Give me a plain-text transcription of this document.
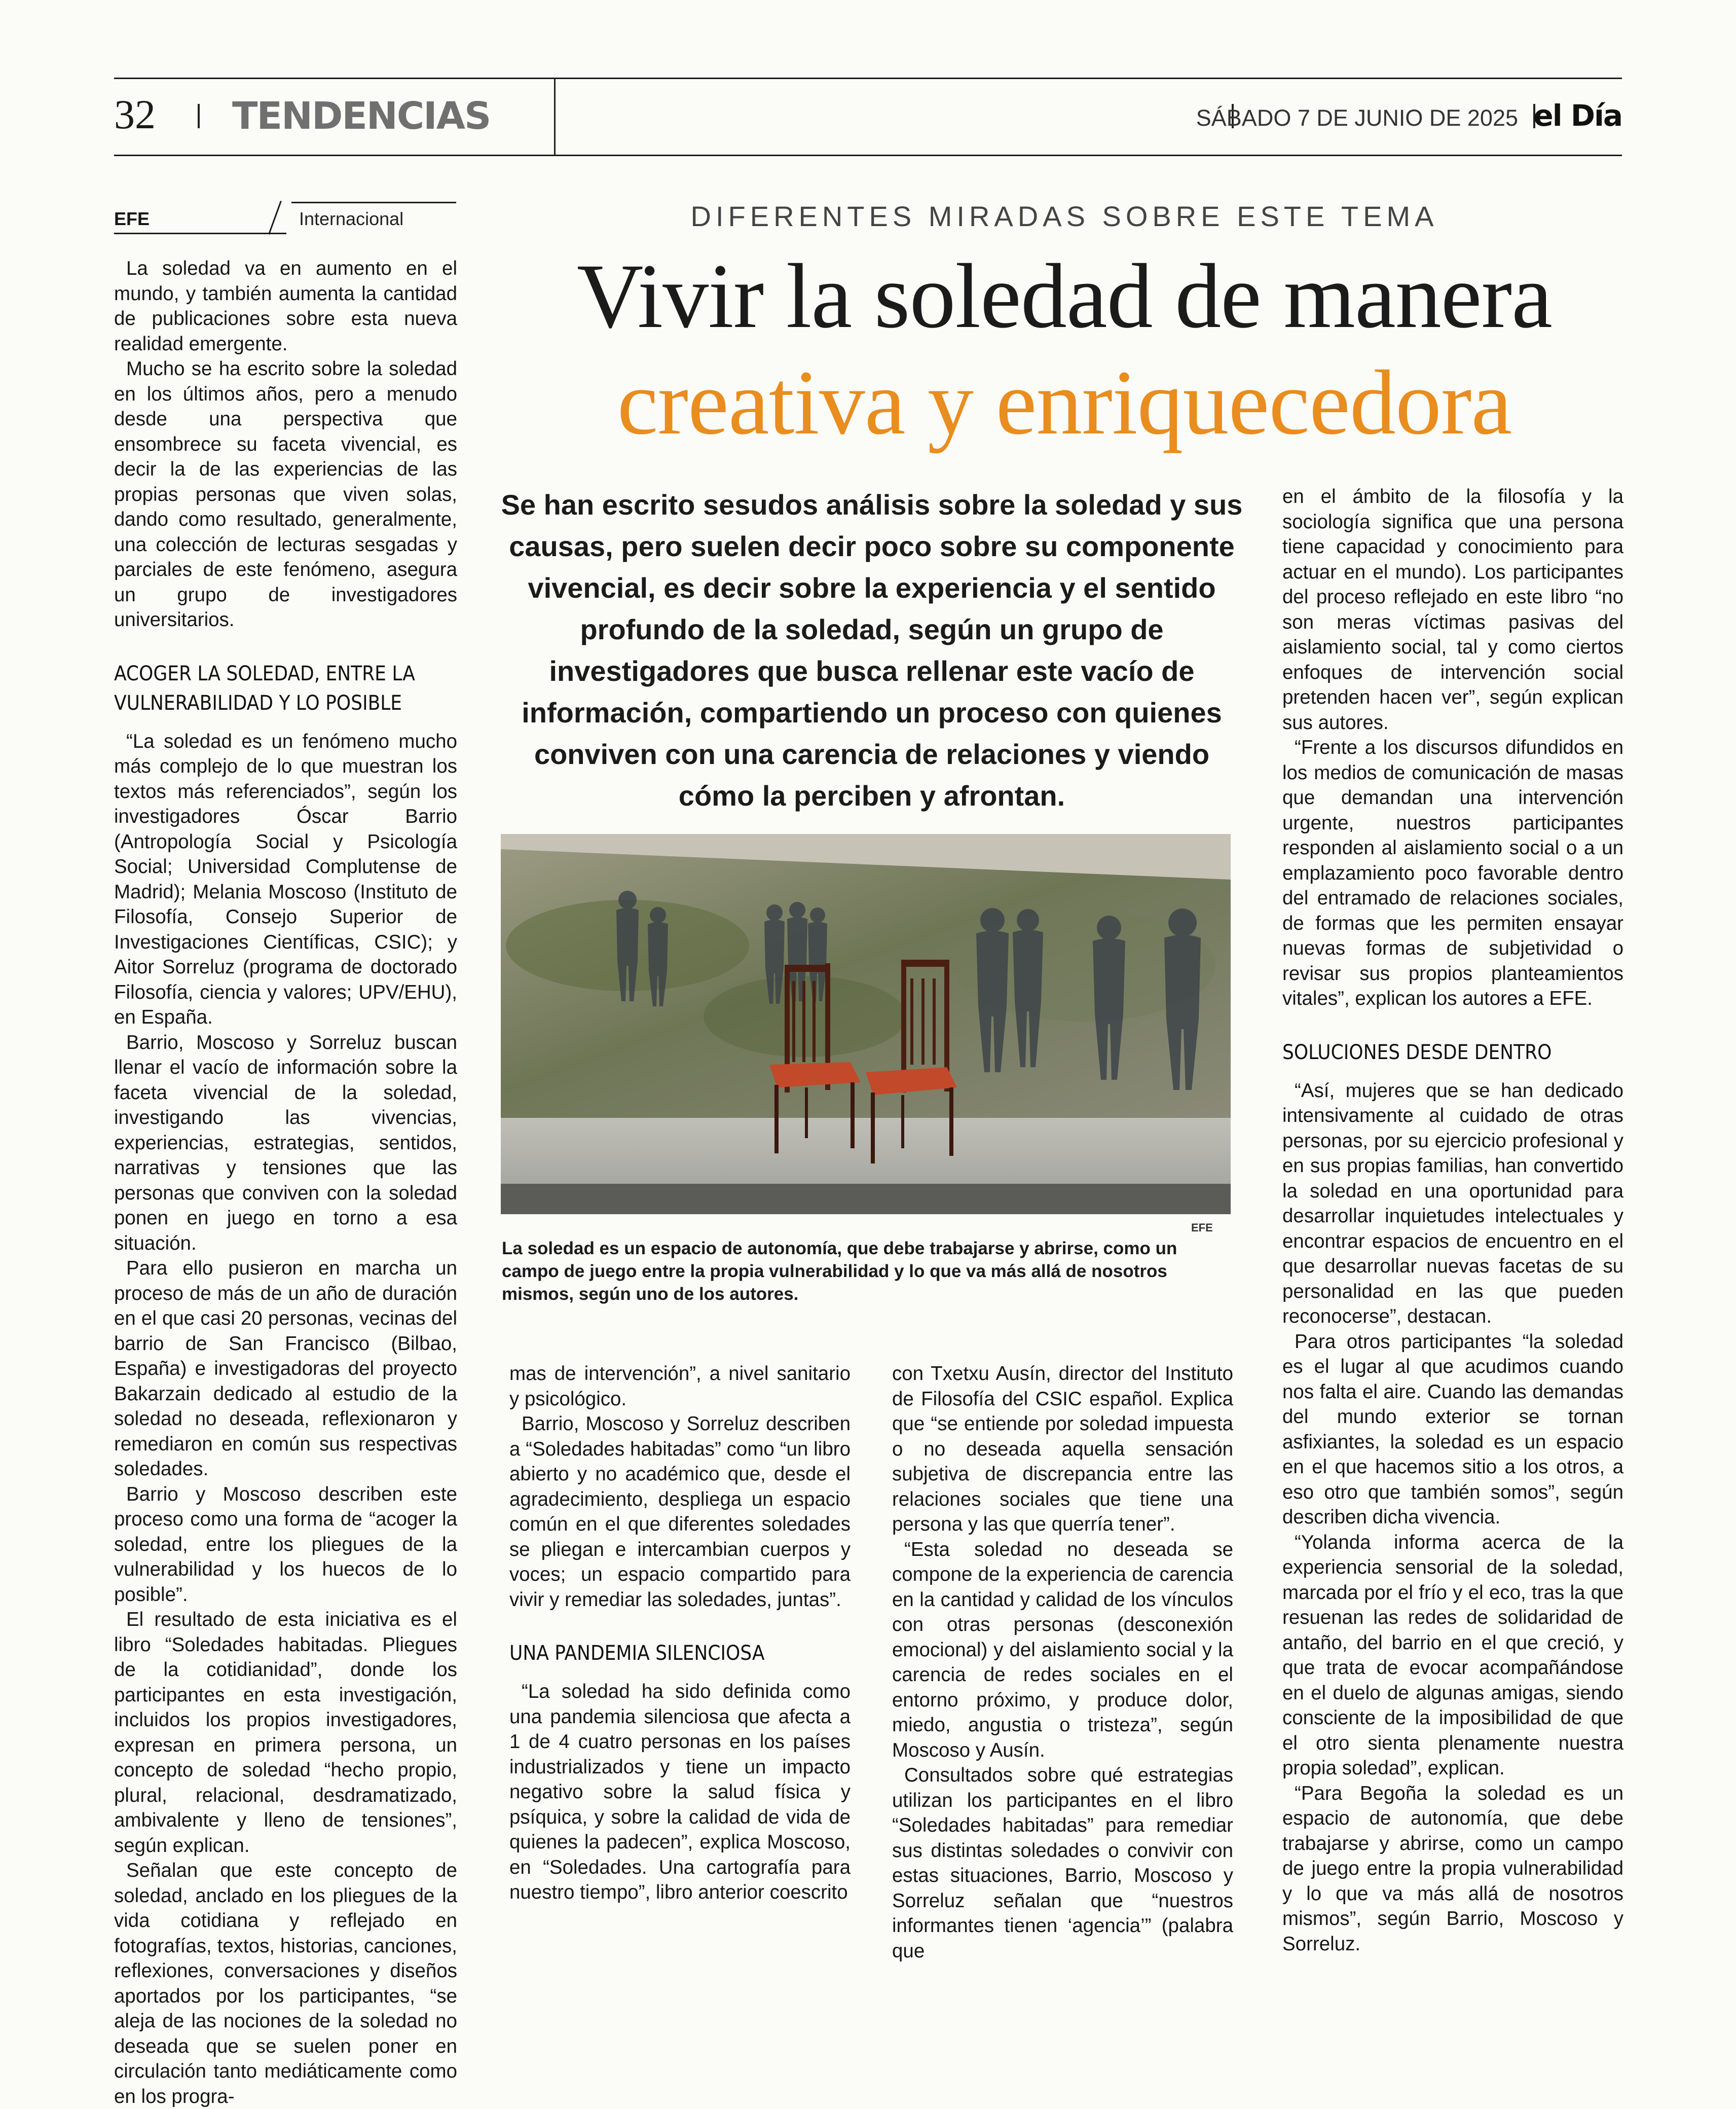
32 TENDENCIAS	SÁBADO 7 DE JUNIO DE 2025 el Día
EFE	Internacional	DIFERENTES MIRADAS SOBRE ESTE TEMA
Vivir la soledad de manera
creativa y enriquecedora
Se han escrito sesudos análisis sobre la soledad y sus causas, pero suelen decir poco sobre su componente vivencial, es decir sobre la experiencia y el sentido profundo de la soledad, según un grupo de investigadores que busca rellenar este vacío de información, compartiendo un proceso con quienes conviven con una carencia de relaciones y viendo cómo la perciben y afrontan.
EFE
La soledad es un espacio de autonomía, que debe trabajarse y abrirse, como un campo de juego entre la propia vulnerabilidad y lo que va más allá de nosotros mismos, según uno de los autores.

La soledad va en aumento en el mundo, y también aumenta la cantidad de publicaciones sobre esta nueva realidad emergente.

Mucho se ha escrito sobre la soledad en los últimos años, pero a menudo desde una perspectiva que ensombrece su faceta vivencial, es decir la de las experiencias de las propias personas que viven solas, dando como resultado, generalmente, una colección de lecturas sesgadas y parciales de este fenómeno, asegura un grupo de investigadores universitarios.

ACOGER LA SOLEDAD, ENTRE LA VULNERABILIDAD Y LO POSIBLE

“La soledad es un fenómeno mucho más complejo de lo que muestran los textos más referenciados”, según los investigadores Óscar Barrio (Antropología Social y Psicología Social; Universidad Complutense de Madrid); Melania Moscoso (Instituto de Filosofía, Consejo Superior de Investigaciones Científicas, CSIC); y Aitor Sorreluz (programa de doctorado Filosofía, ciencia y valores; UPV/EHU), en España.

Barrio, Moscoso y Sorreluz buscan llenar el vacío de información sobre la faceta vivencial de la soledad, investigando las vivencias, experiencias, estrategias, sentidos, narrativas y tensiones que las personas que conviven con la soledad ponen en juego en torno a esa situación.

Para ello pusieron en marcha un proceso de más de un año de duración en el que casi 20 personas, vecinas del barrio de San Francisco (Bilbao, España) e investigadoras del proyecto Bakarzain dedicado al estudio de la soledad no deseada, reflexionaron y remediaron en común sus respectivas soledades.

Barrio y Moscoso describen este proceso como una forma de “acoger la soledad, entre los pliegues de la vulnerabilidad y los huecos de lo posible”.

El resultado de esta iniciativa es el libro “Soledades habitadas. Pliegues de la cotidianidad”, donde los participantes en esta investigación, incluidos los propios investigadores, expresan en primera persona, un concepto de soledad “hecho propio, plural, relacional, desdramatizado, ambivalente y lleno de tensiones”, según explican.

Señalan que este concepto de soledad, anclado en los pliegues de la vida cotidiana y reflejado en fotografías, textos, historias, canciones, reflexiones, conversaciones y diseños aportados por los participantes, “se aleja de las nociones de la soledad no deseada que se suelen poner en circulación tanto mediáticamente como en los progra-

mas de intervención”, a nivel sanitario y psicológico.

Barrio, Moscoso y Sorreluz describen a “Soledades habitadas” como “un libro abierto y no académico que, desde el agradecimiento, despliega un espacio común en el que diferentes soledades se pliegan e intercambian cuerpos y voces; un espacio compartido para vivir y remediar las soledades, juntas”.

UNA PANDEMIA SILENCIOSA

“La soledad ha sido definida como una pandemia silenciosa que afecta a 1 de 4 cuatro personas en los países industrializados y tiene un impacto negativo sobre la salud física y psíquica, y sobre la calidad de vida de quienes la padecen”, explica Moscoso, en “Soledades. Una cartografía para nuestro tiempo”, libro anterior coescrito

con Txetxu Ausín, director del Instituto de Filosofía del CSIC español. Explica que “se entiende por soledad impuesta o no deseada aquella sensación subjetiva de discrepancia entre las relaciones sociales que tiene una persona y las que querría tener”.

“Esta soledad no deseada se compone de la experiencia de carencia en la cantidad y calidad de los vínculos con otras personas (desconexión emocional) y del aislamiento social y la carencia de redes sociales en el entorno próximo, y produce dolor, miedo, angustia o tristeza”, según Moscoso y Ausín.

Consultados sobre qué estrategias utilizan los participantes en el libro “Soledades habitadas” para remediar sus distintas soledades o convivir con estas situaciones, Barrio, Moscoso y Sorreluz señalan que “nuestros informantes tienen ‘agencia’” (palabra que

en el ámbito de la filosofía y la sociología significa que una persona tiene capacidad y conocimiento para actuar en el mundo). Los participantes del proceso reflejado en este libro “no son meras víctimas pasivas del aislamiento social, tal y como ciertos enfoques de intervención social pretenden hacen ver”, según explican sus autores.

“Frente a los discursos difundidos en los medios de comunicación de masas que demandan una intervención urgente, nuestros participantes responden al aislamiento social o a un emplazamiento poco favorable dentro del entramado de relaciones sociales, de formas que les permiten ensayar nuevas formas de subjetividad o revisar sus propios planteamientos vitales”, explican los autores a EFE.

SOLUCIONES DESDE DENTRO

“Así, mujeres que se han dedicado intensivamente al cuidado de otras personas, por su ejercicio profesional y en sus propias familias, han convertido la soledad en una oportunidad para desarrollar inquietudes intelectuales y encontrar espacios de encuentro en el que desarrollar nuevas facetas de su personalidad en las que pueden reconocerse”, destacan.

Para otros participantes “la soledad es el lugar al que acudimos cuando nos falta el aire. Cuando las demandas del mundo exterior se tornan asfixiantes, la soledad es un espacio en el que hacemos sitio a los otros, a eso otro que también somos”, según describen dicha vivencia.

“Yolanda informa acerca de la experiencia sensorial de la soledad, marcada por el frío y el eco, tras la que resuenan las redes de solidaridad de antaño, del barrio en el que creció, y que trata de evocar acompañándose en el duelo de algunas amigas, siendo consciente de la imposibilidad de que el otro sienta plenamente nuestra propia soledad”, explican.

“Para Begoña la soledad es un espacio de autonomía, que debe trabajarse y abrirse, como un campo de juego entre la propia vulnerabilidad y lo que va más allá de nosotros mismos”, según Barrio, Moscoso y Sorreluz.
